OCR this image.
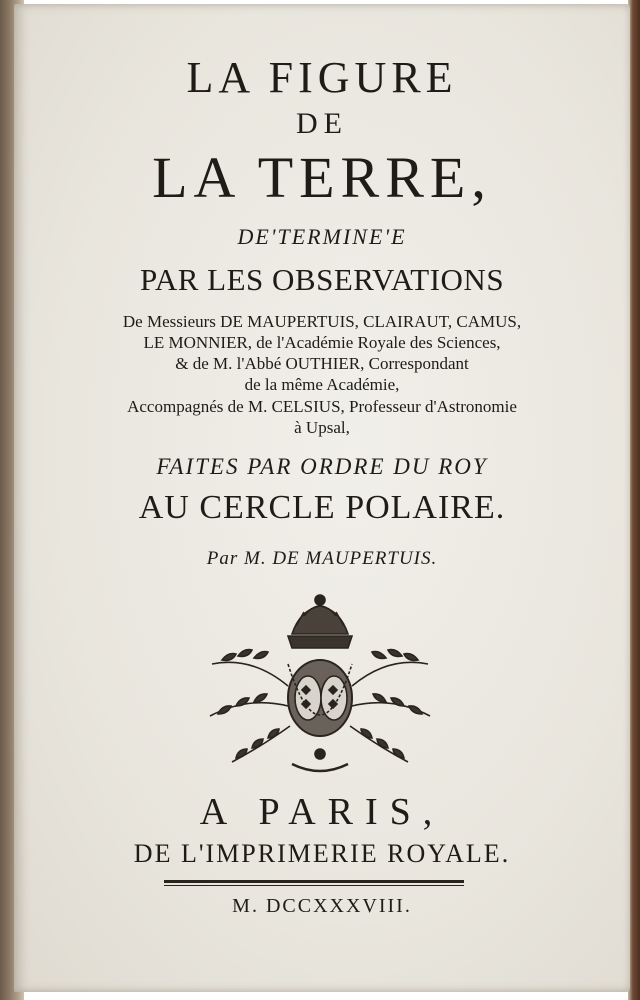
LA FIGURE

DE

LA TERRE,

DE'TERMINE'E

PAR LES OBSERVATIONS

De Messieurs DE MAUPERTUIS, CLAIRAUT, CAMUS,

LE MONNIER, de l'Académie Royale des Sciences,

& de M. l'Abbé OUTHIER, Correspondant

de la même Académie,

Accompagnés de M. CELSIUS, Professeur d'Astronomie

à Upsal,

FAITES PAR ORDRE DU ROY

AU CERCLE POLAIRE.

Par M. DE MAUPERTUIS.

A PARIS,

DE L'IMPRIMERIE ROYALE.

M. DCCXXXVIII.
